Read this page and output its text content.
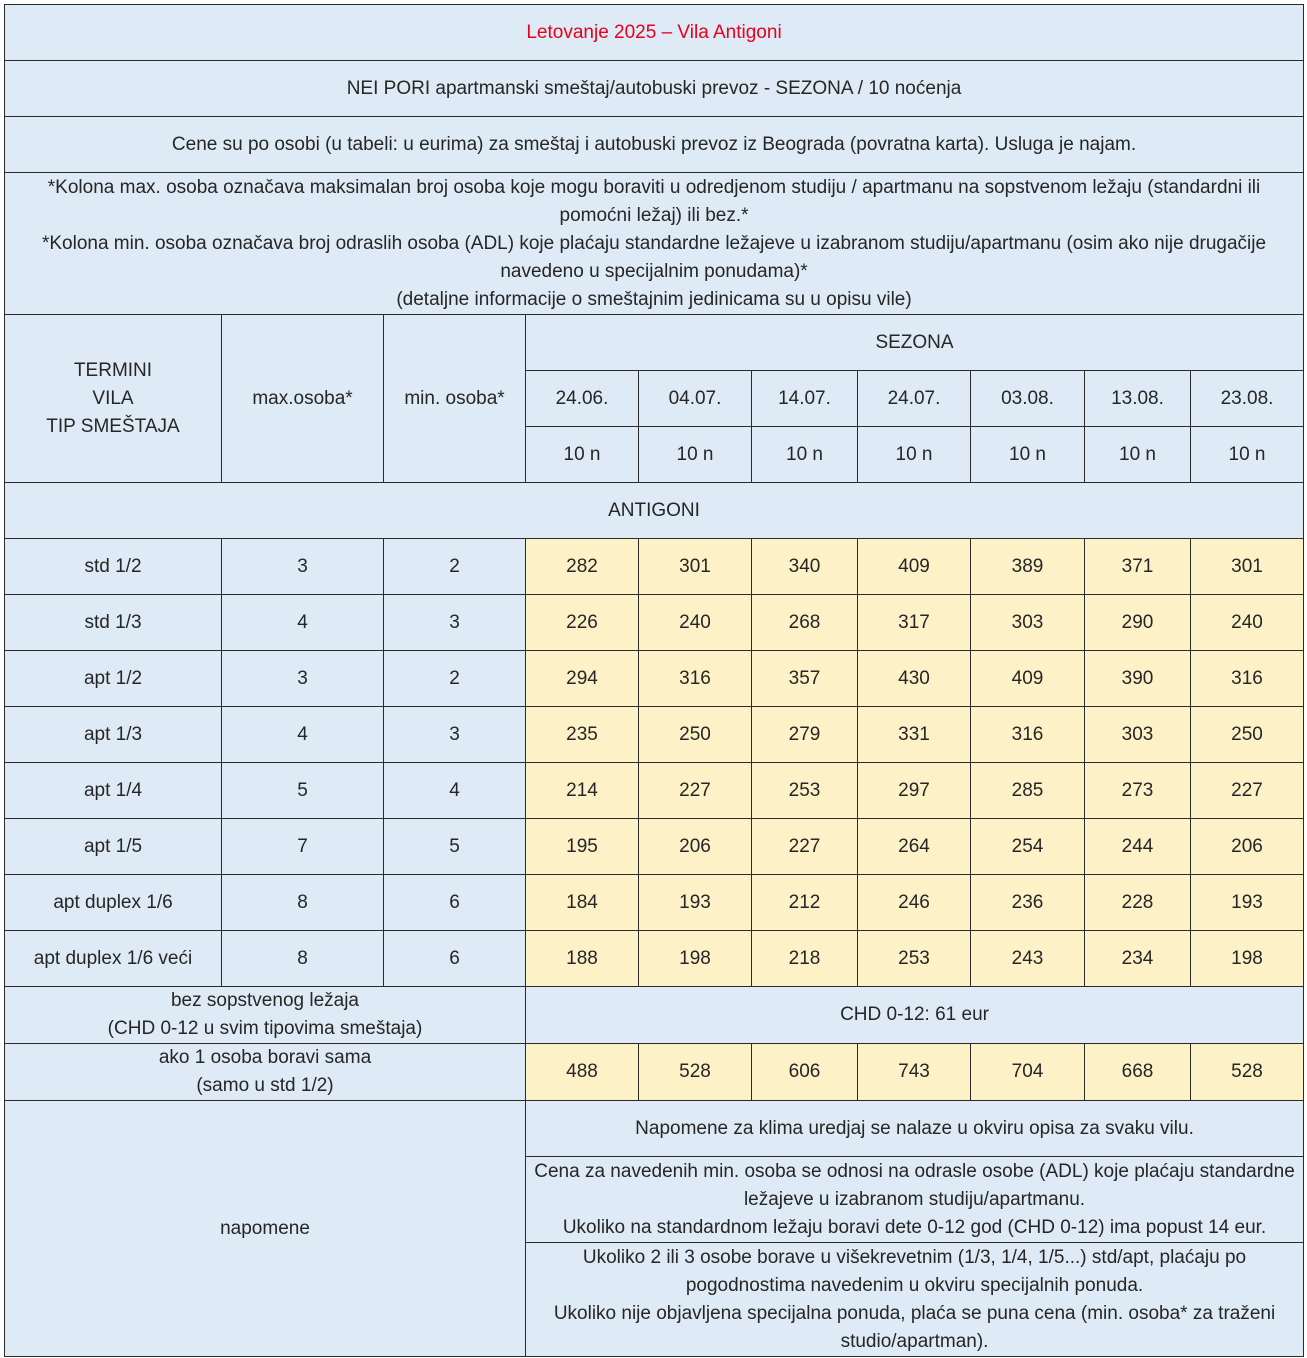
Letovanje 2025 – Vila Antigoni									
NEI PORI apartmanski smeštaj/autobuski prevoz - SEZONA / 10 noćenja									
Cene su po osobi (u tabeli: u eurima) za smeštaj i autobuski prevoz iz Beograda (povratna karta). Usluga je najam.									

*Kolona max. osoba označava maksimalan broj osoba koje mogu boraviti u odredjenom studiju / apartmanu na sopstvenom ležaju (standardni ili pomoćni ležaj) ili bez.*
*Kolona min. osoba označava broj odraslih osoba (ADL) koje plaćaju standardne ležajeve u izabranom studiju/apartmanu (osim ako nije drugačije navedeno u specijalnim ponudama)*
(detaljne informacije o smeštajnim jedinicama su u opisu vile)									

TERMINI
VILA
TIP SMEŠTAJA	max.osoba*	min. osoba*	SEZONA						
			24.06.	04.07.	14.07.	24.07.	03.08.	13.08.	23.08.
			10 n	10 n	10 n	10 n	10 n	10 n	10 n
ANTIGONI									
std 1/2	3	2	282	301	340	409	389	371	301
std 1/3	4	3	226	240	268	317	303	290	240
apt 1/2	3	2	294	316	357	430	409	390	316
apt 1/3	4	3	235	250	279	331	316	303	250
apt 1/4	5	4	214	227	253	297	285	273	227
apt 1/5	7	5	195	206	227	264	254	244	206
apt duplex 1/6	8	6	184	193	212	246	236	228	193
apt duplex 1/6 veći	8	6	188	198	218	253	243	234	198

bez sopstvenog ležaja
(CHD 0-12 u svim tipovima smeštaja)			CHD 0-12: 61 eur						

ako 1 osoba boravi sama
(samo u std 1/2)			488	528	606	743	704	668	528
napomene			Napomene za klima uredjaj se nalaze u okviru opisa za svaku vilu.						

			Cena za navedenih min. osoba se odnosi na odrasle osobe (ADL) koje plaćaju standardne ležajeve u izabranom studiju/apartmanu.
Ukoliko na standardnom ležaju boravi dete 0-12 god (CHD 0-12) ima popust 14 eur.						

			Ukoliko 2 ili 3 osobe borave u višekrevetnim (1/3, 1/4, 1/5...) std/apt, plaćaju po pogodnostima navedenim u okviru specijalnih ponuda.
Ukoliko nije objavljena specijalna ponuda, plaća se puna cena (min. osoba* za traženi studio/apartman).						
